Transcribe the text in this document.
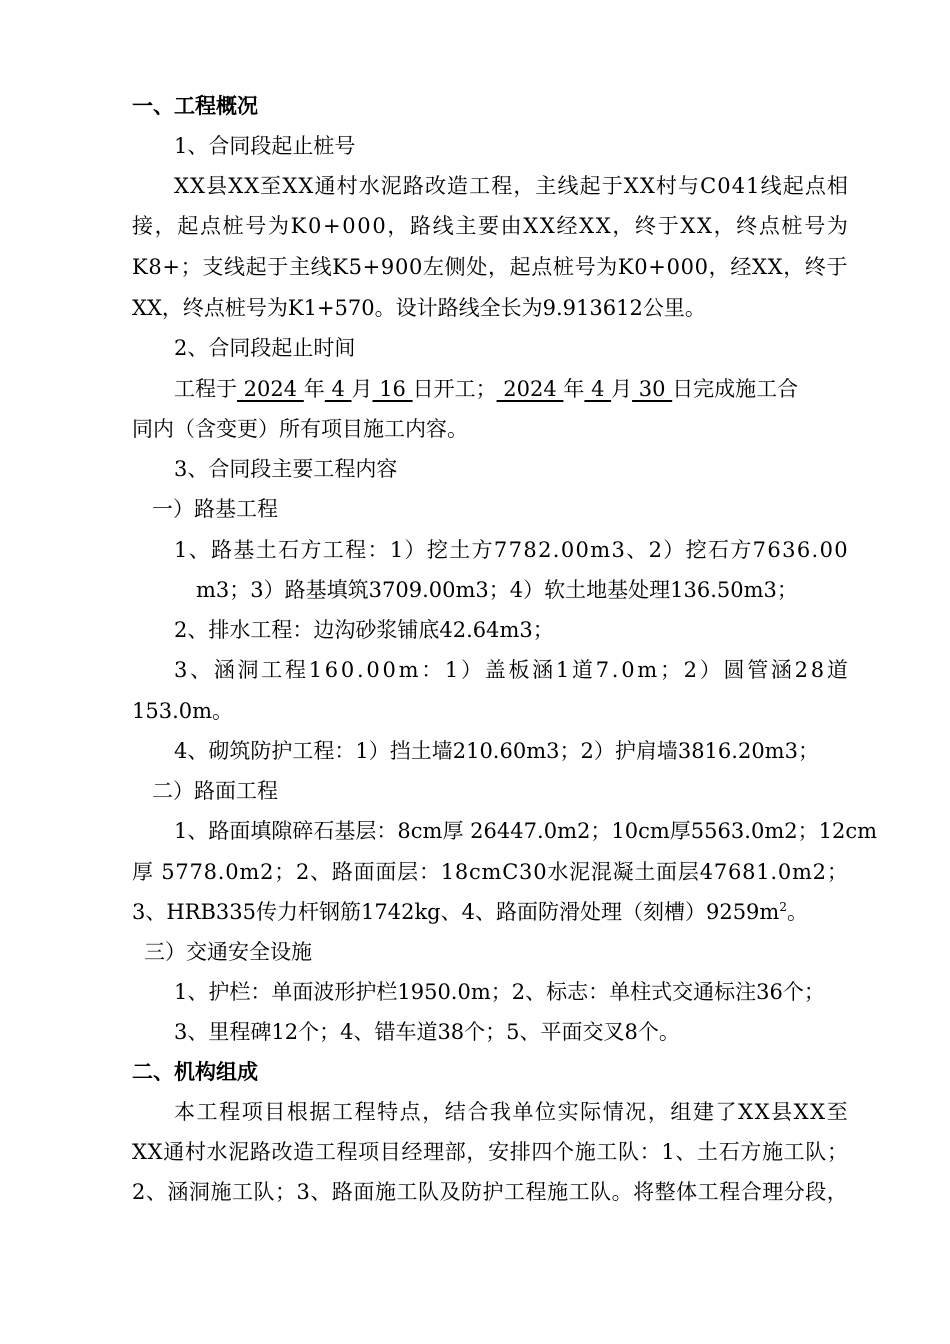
一、工程概况
1、合同段起止桩号
X X 县 X X 至 X X 通 村 水 泥 路 改 造 工 程 ， 主 线 起 于 X X 村 与 C 0 4 1 线 起 点 相
接 ， 起 点 桩 号 为 K 0 + 0 0 0 ， 路 线 主 要 由 X X 经 X X ， 终 于 X X ， 终 点 桩 号 为
K 8 + ； 支 线 起 于 主 线 K 5 + 9 0 0 左 侧 处 ， 起 点 桩 号 为 K 0 + 0 0 0 ， 经 X X ， 终 于
XX，终点桩号为K1+570。设计路线全长为9.913612公里。
2、合同段起止时间
工程于 2024 年 4 月 16 日开工； 2024 年 4 月 30 日完成施工合
同内（含变更）所有项目施工内容。
3、合同段主要工程内容
一）路基工程
1 、 路 基 土 石 方 工 程 ： 1 ） 挖 土 方 7 7 8 2 . 0 0 m 3 、 2 ） 挖 石 方 7 6 3 6 . 0 0
m3；3）路基填筑3709.00m3；4）软土地基处理136.50m3；
2、排水工程：边沟砂浆铺底42.64m3；
3 、 涵 洞 工 程 1 6 0 . 0 0 m ： 1 ） 盖 板 涵 1 道 7 . 0 m ； 2 ） 圆 管 涵 2 8 道
153.0m。
4、砌筑防护工程：1）挡土墙210.60m3；2）护肩墙3816.20m3；
二）路面工程
1 、 路 面 填 隙 碎 石 基 层 ： 8 c m 厚
2 6 4 4 7 . 0 m 2 ； 1 0 c m 厚 5 5 6 3 . 0 m 2 ； 1 2 c m
厚
5 7 7 8 . 0 m 2 ； 2 、 路 面 面 层 ： 1 8 c m C 3 0 水 泥 混 凝 土 面 层 4 7 6 8 1 . 0 m 2 ；
3、HRB335传力杆钢筋1742kg、4、路面防滑处理（刻槽）$9259m^2$。
三）交通安全设施
1、护栏：单面波形护栏1950.0m；2、标志：单柱式交通标注36个；
3、里程碑12个；4、错车道38个；5、平面交叉8个。
二、机构组成
本 工 程 项 目 根 据 工 程 特 点 ， 结 合 我 单 位 实 际 情 况 ， 组 建 了 X X 县 X X 至
X X 通 村 水 泥 路 改 造 工 程 项 目 经 理 部 ， 安 排 四 个 施 工 队 ： 1 、 土 石 方 施 工 队 ；
2 、 涵 洞 施 工 队 ； 3 、 路 面 施 工 队 及 防 护 工 程 施 工 队 。 将 整 体 工 程 合 理 分 段 ，
